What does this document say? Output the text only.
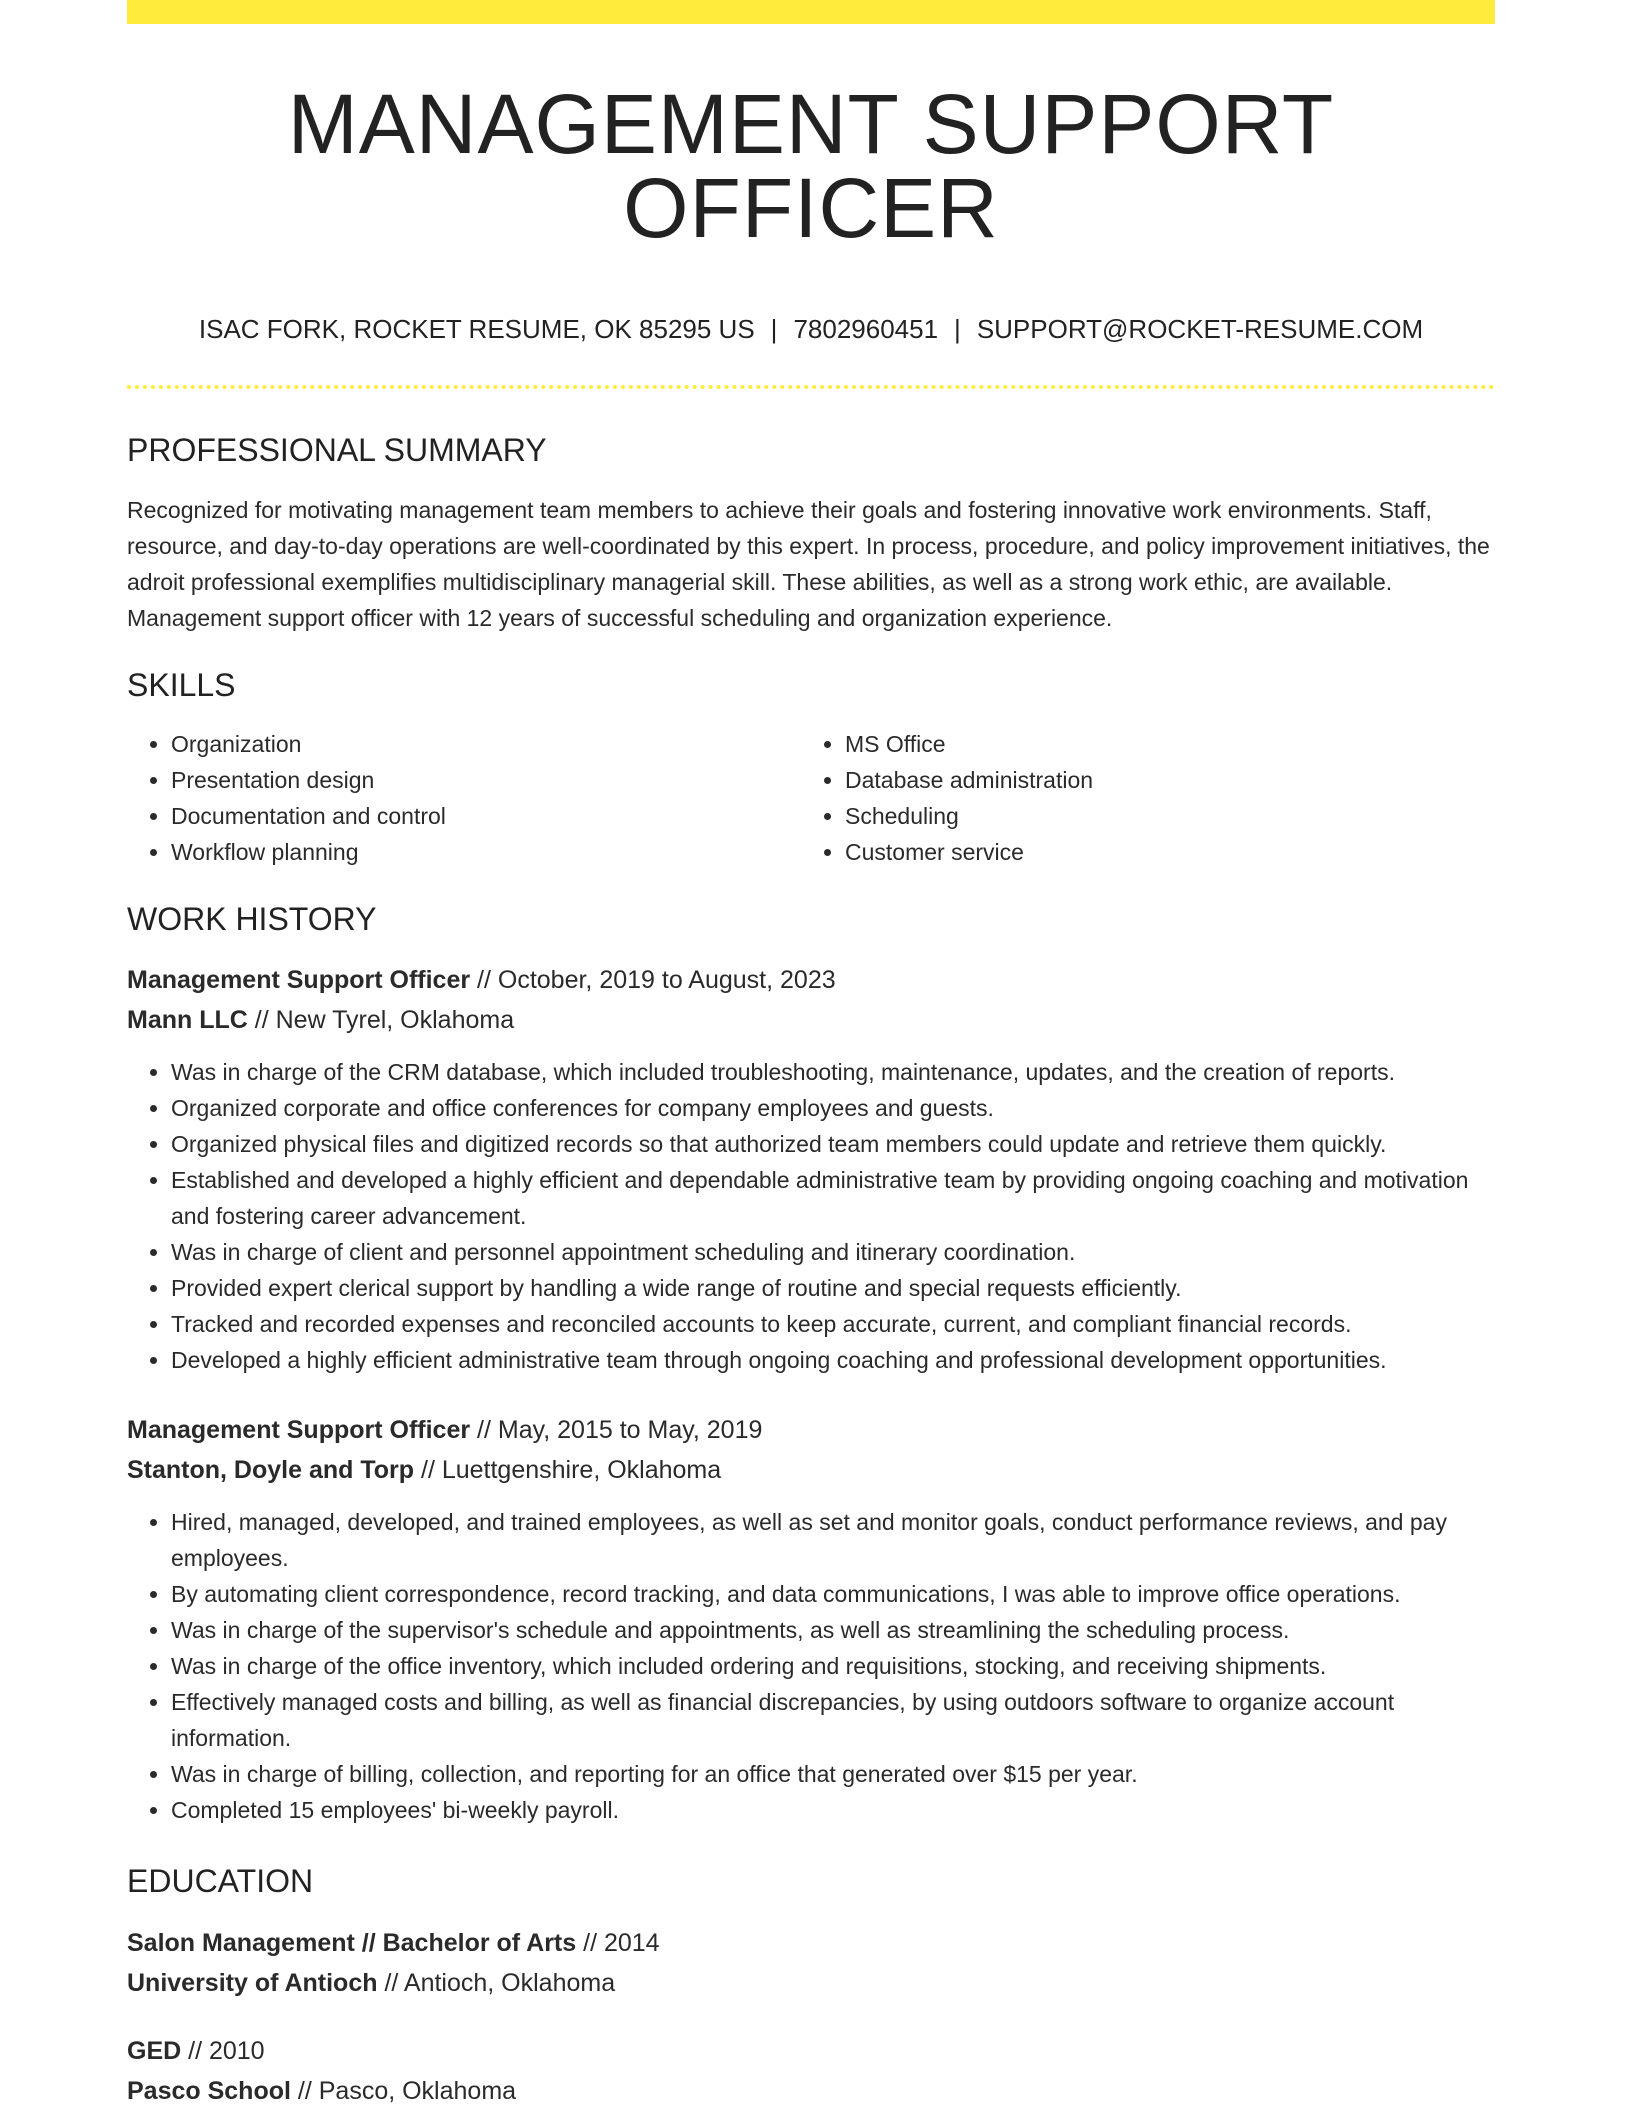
MANAGEMENT SUPPORT OFFICER
ISAC FORK, ROCKET RESUME, OK 85295 US | 7802960451 | SUPPORT@ROCKET-RESUME.COM
PROFESSIONAL SUMMARY

Recognized for motivating management team members to achieve their goals and fostering innovative work environments. Staff, resource, and day-to-day operations are well-coordinated by this expert. In process, procedure, and policy improvement initiatives, the adroit professional exemplifies multidisciplinary managerial skill. These abilities, as well as a strong work ethic, are available. Management support officer with 12 years of successful scheduling and organization experience.

SKILLS
• Organization
• Presentation design
• Documentation and control
• Workflow planning
• MS Office
• Database administration
• Scheduling
• Customer service
WORK HISTORY
Management Support Officer // October, 2019 to August, 2023
Mann LLC // New Tyrel, Oklahoma
• Was in charge of the CRM database, which included troubleshooting, maintenance, updates, and the creation of reports.
• Organized corporate and office conferences for company employees and guests.
• Organized physical files and digitized records so that authorized team members could update and retrieve them quickly.
• Established and developed a highly efficient and dependable administrative team by providing ongoing coaching and motivation and fostering career advancement.
• Was in charge of client and personnel appointment scheduling and itinerary coordination.
• Provided expert clerical support by handling a wide range of routine and special requests efficiently.
• Tracked and recorded expenses and reconciled accounts to keep accurate, current, and compliant financial records.
• Developed a highly efficient administrative team through ongoing coaching and professional development opportunities.
Management Support Officer // May, 2015 to May, 2019
Stanton, Doyle and Torp // Luettgenshire, Oklahoma
• Hired, managed, developed, and trained employees, as well as set and monitor goals, conduct performance reviews, and pay employees.
• By automating client correspondence, record tracking, and data communications, I was able to improve office operations.
• Was in charge of the supervisor's schedule and appointments, as well as streamlining the scheduling process.
• Was in charge of the office inventory, which included ordering and requisitions, stocking, and receiving shipments.
• Effectively managed costs and billing, as well as financial discrepancies, by using outdoors software to organize account information.
• Was in charge of billing, collection, and reporting for an office that generated over $15 per year.
• Completed 15 employees' bi-weekly payroll.
EDUCATION
Salon Management // Bachelor of Arts // 2014
University of Antioch // Antioch, Oklahoma
GED // 2010
Pasco School // Pasco, Oklahoma
